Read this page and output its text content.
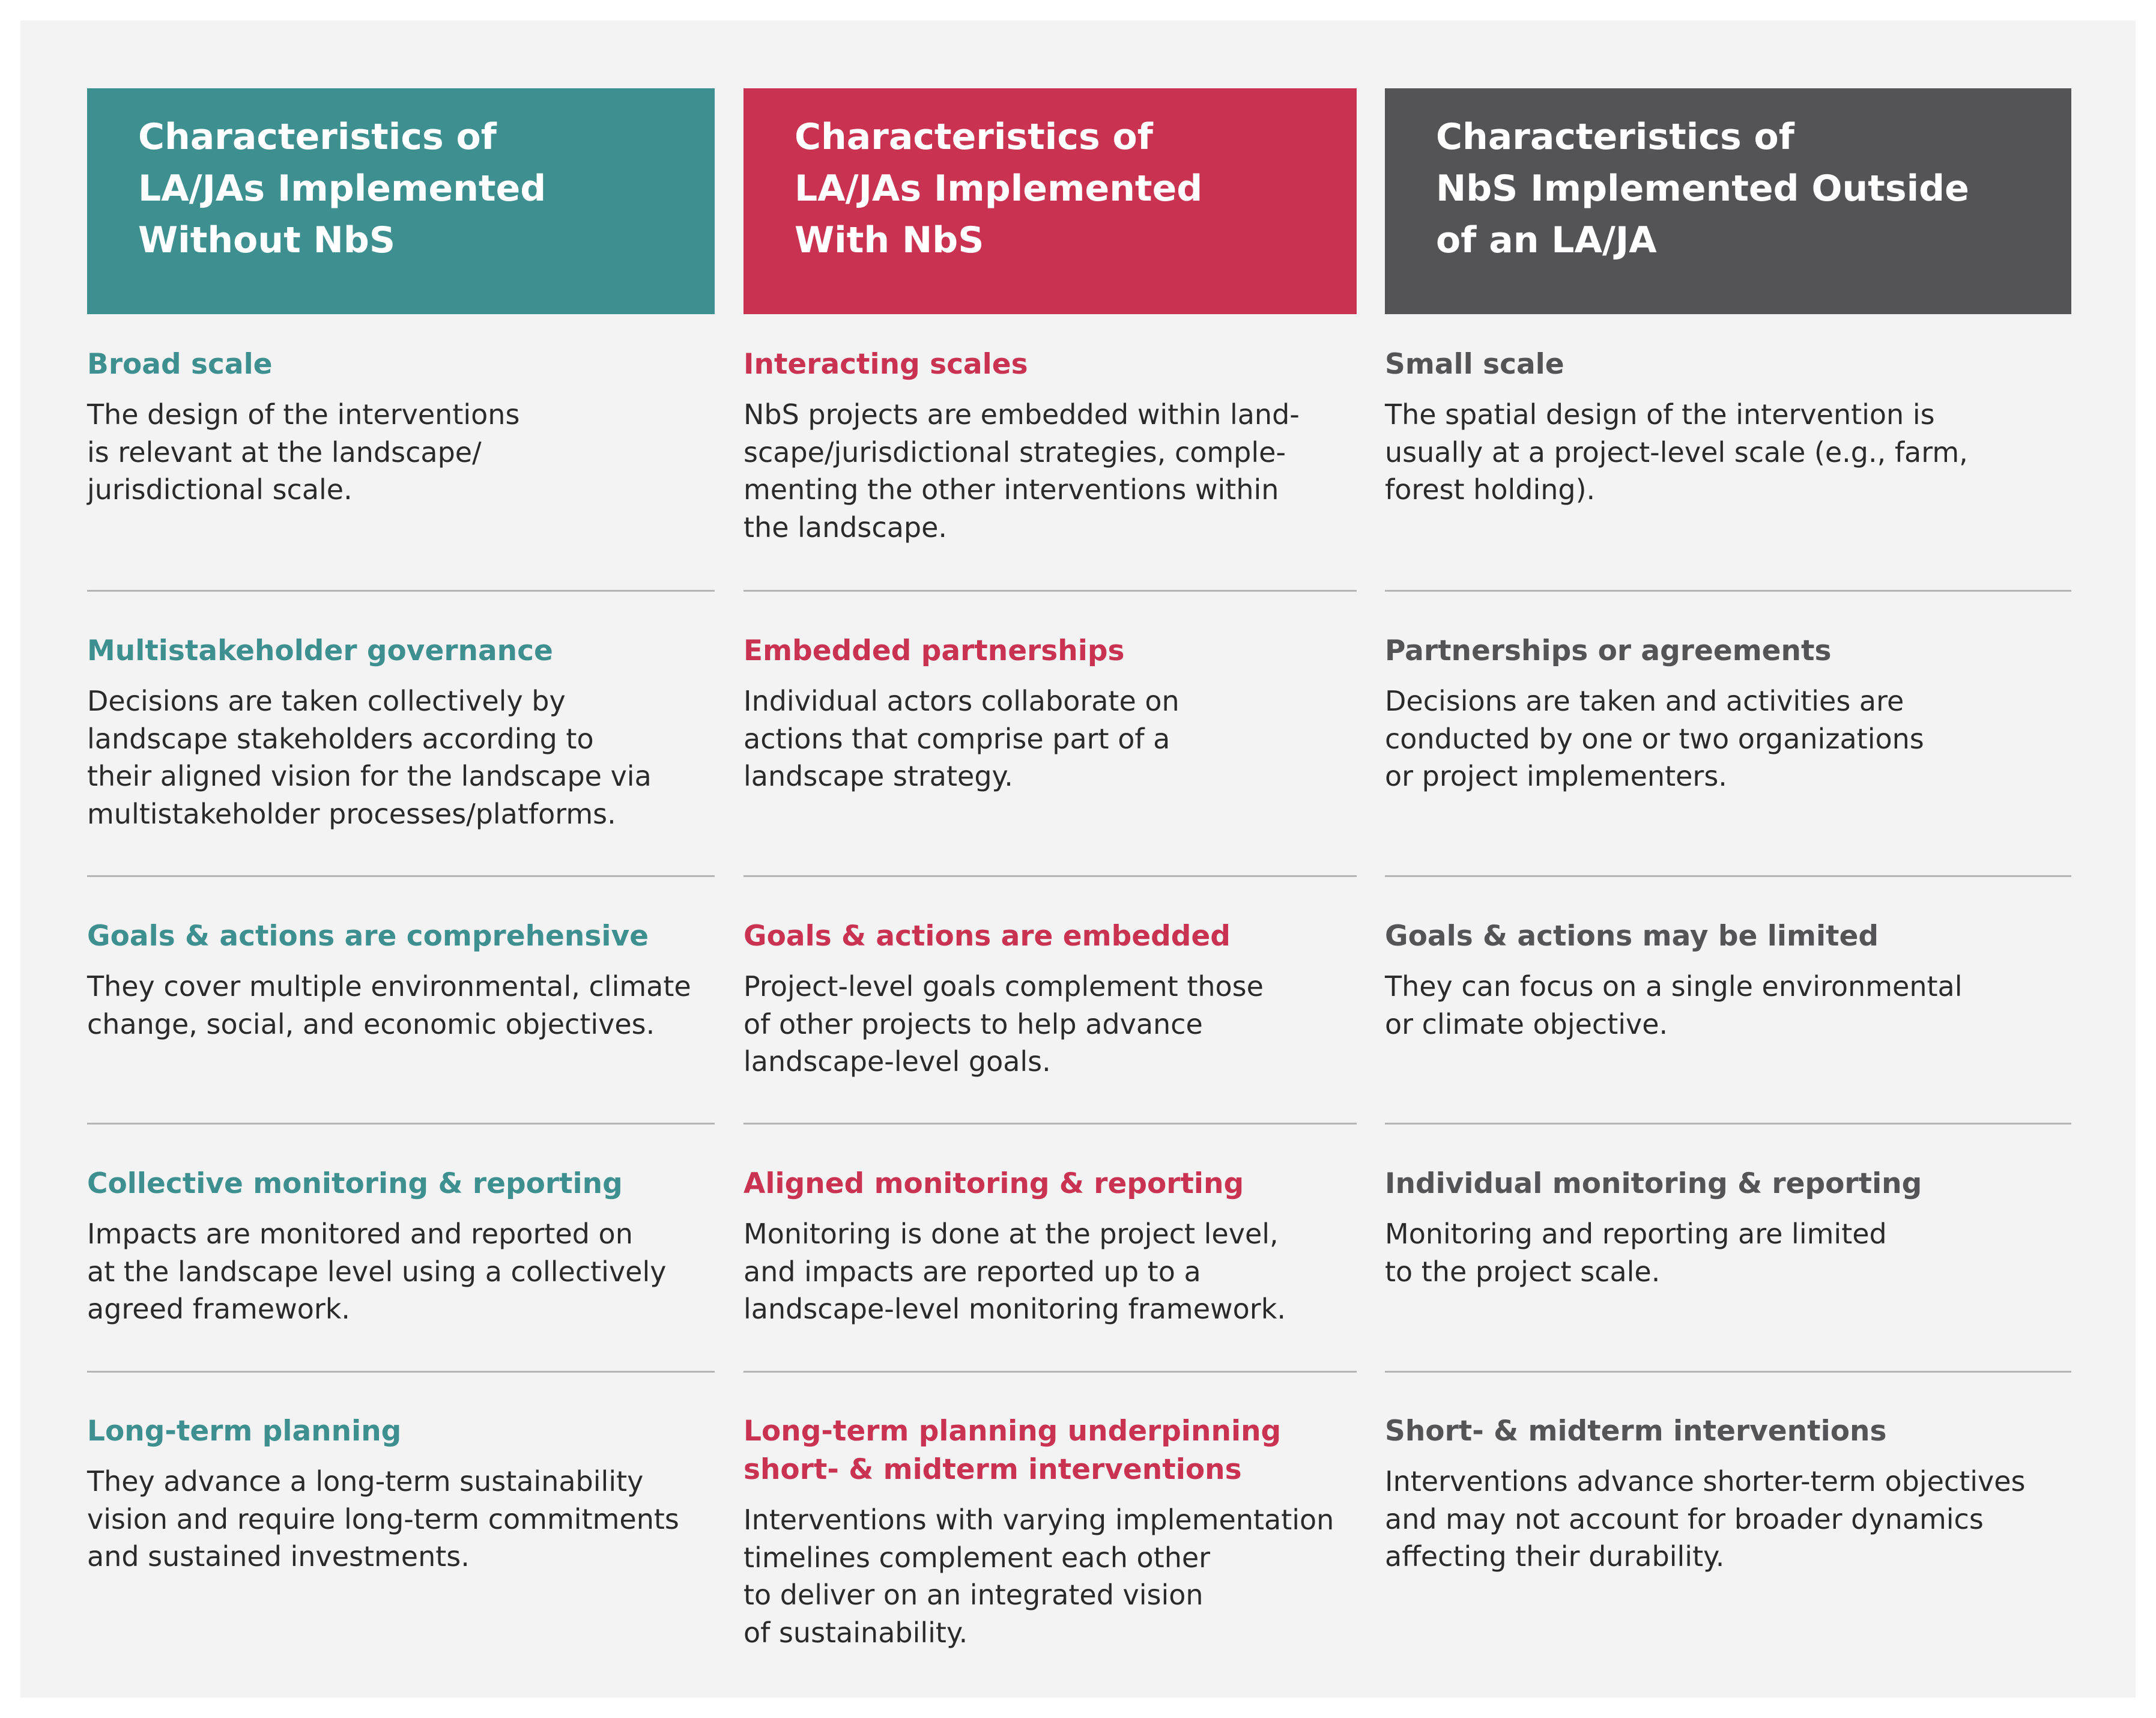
Characteristics of
LA/JAs Implemented
Without NbS
Broad scale
The design of the interventions
is relevant at the landscape/
jurisdictional scale.
Multistakeholder governance
Decisions are taken collectively by
landscape stakeholders according to
their aligned vision for the landscape via
multistakeholder processes/platforms.
Goals & actions are comprehensive
They cover multiple environmental, climate
change, social, and economic objectives.
Collective monitoring & reporting
Impacts are monitored and reported on
at the landscape level using a collectively
agreed framework.
Long-term planning
They advance a long-term sustainability
vision and require long-term commitments
and sustained investments.
Characteristics of
LA/JAs Implemented
With NbS
Interacting scales
NbS projects are embedded within land-
scape/jurisdictional strategies, comple-
menting the other interventions within
the landscape.
Embedded partnerships
Individual actors collaborate on
actions that comprise part of a
landscape strategy.
Goals & actions are embedded
Project-level goals complement those
of other projects to help advance
landscape-level goals.
Aligned monitoring & reporting
Monitoring is done at the project level,
and impacts are reported up to a
landscape-level monitoring framework.
Long-term planning underpinning
short- & midterm interventions
Interventions with varying implementation
timelines complement each other
to deliver on an integrated vision
of sustainability.
Characteristics of
NbS Implemented Outside
of an LA/JA
Small scale
The spatial design of the intervention is
usually at a project-level scale (e.g., farm,
forest holding).
Partnerships or agreements
Decisions are taken and activities are
conducted by one or two organizations
or project implementers.
Goals & actions may be limited
They can focus on a single environmental
or climate objective.
Individual monitoring & reporting
Monitoring and reporting are limited
to the project scale.
Short- & midterm interventions
Interventions advance shorter-term objectives
and may not account for broader dynamics
affecting their durability.
